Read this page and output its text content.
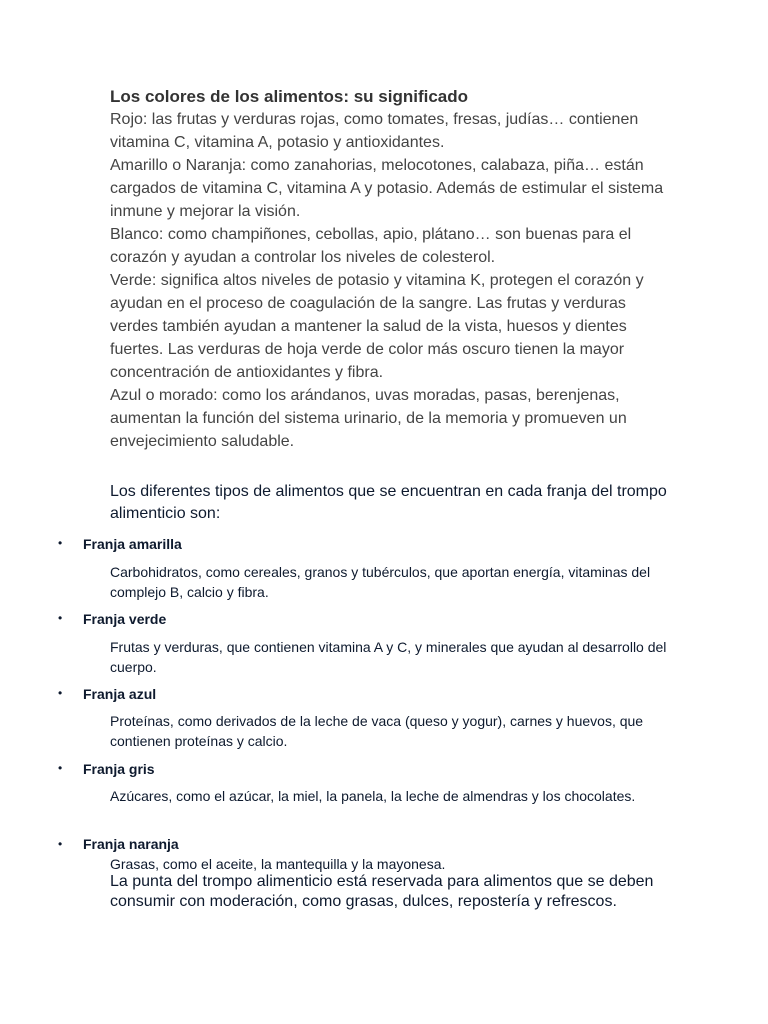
Los colores de los alimentos: su significado

Rojo: las frutas y verduras rojas, como tomates, fresas, judías… contienen vitamina C, vitamina A, potasio y antioxidantes.

Amarillo o Naranja: como zanahorias, melocotones, calabaza, piña… están cargados de vitamina C, vitamina A y potasio. Además de estimular el sistema inmune y mejorar la visión.

Blanco: como champiñones, cebollas, apio, plátano… son buenas para el corazón y ayudan a controlar los niveles de colesterol.

Verde: significa altos niveles de potasio y vitamina K, protegen el corazón y ayudan en el proceso de coagulación de la sangre. Las frutas y verduras verdes también ayudan a mantener la salud de la vista, huesos y dientes fuertes. Las verduras de hoja verde de color más oscuro tienen la mayor concentración de antioxidantes y fibra.

Azul o morado: como los arándanos, uvas moradas, pasas, berenjenas, aumentan la función del sistema urinario, de la memoria y promueven un envejecimiento saludable.

Los diferentes tipos de alimentos que se encuentran en cada franja del trompo alimenticio son:

• Franja amarilla
Carbohidratos, como cereales, granos y tubérculos, que aportan energía, vitaminas del complejo B, calcio y fibra.
• Franja verde
Frutas y verduras, que contienen vitamina A y C, y minerales que ayudan al desarrollo del cuerpo.
• Franja azul
Proteínas, como derivados de la leche de vaca (queso y yogur), carnes y huevos, que contienen proteínas y calcio.
• Franja gris
Azúcares, como el azúcar, la miel, la panela, la leche de almendras y los chocolates.
• Franja naranja
Grasas, como el aceite, la mantequilla y la mayonesa.

La punta del trompo alimenticio está reservada para alimentos que se deben consumir con moderación, como grasas, dulces, repostería y refrescos.
